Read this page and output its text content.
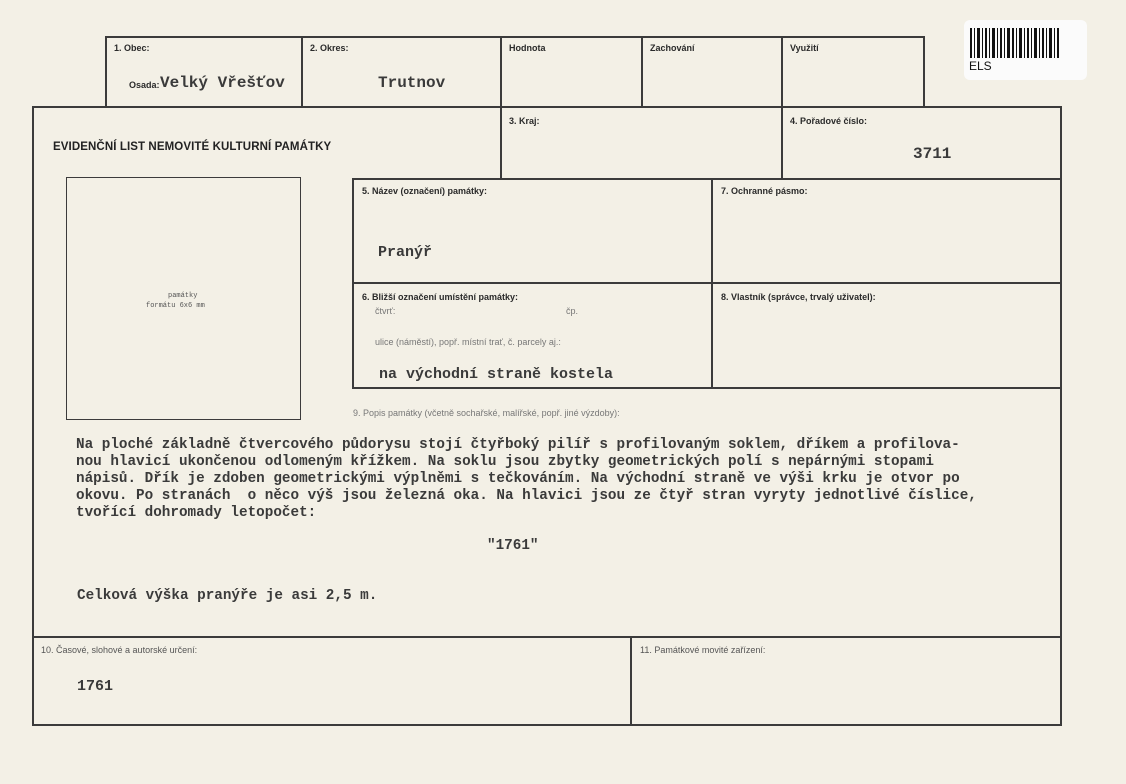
1. Obec:
Osada: Velký Vřešťov
2. Okres:
Trutnov
Hodnota	Zachování	Využití
ELS
EVIDENČNÍ LIST NEMOVITÉ KULTURNÍ PAMÁTKY
3. Kraj:	4. Pořadové číslo:
3711
památky
formátu 6x6 mm
5. Název (označení) památky:
Pranýř
7. Ochranné pásmo:
6. Bližší označení umístění památky:
čtvrť:	čp.
ulice (náměstí), popř. místní trať, č. parcely aj.:
na východní straně kostela
8. Vlastník (správce, trvalý uživatel):
9. Popis památky (včetně sochařské, malířské, popř. jiné výzdoby):
Na ploché základně čtvercového půdorysu stojí čtyřboký pilíř s profilovaným soklem, dříkem a profilova-
nou hlavicí ukončenou odlomeným křížkem. Na soklu jsou zbytky geometrických polí s nepárnými stopami
nápisů. Dřík je zdoben geometrickými výplněmi s tečkováním. Na východní straně ve výši krku je otvor po
okovu. Po stranách  o něco výš jsou železná oka. Na hlavici jsou ze čtyř stran vyryty jednotlivé číslice,
tvořící dohromady letopočet:
"1761"
Celková výška pranýře je asi 2,5 m.
10. Časové, slohové a autorské určení:
1761
11. Památkové movité zařízení:
